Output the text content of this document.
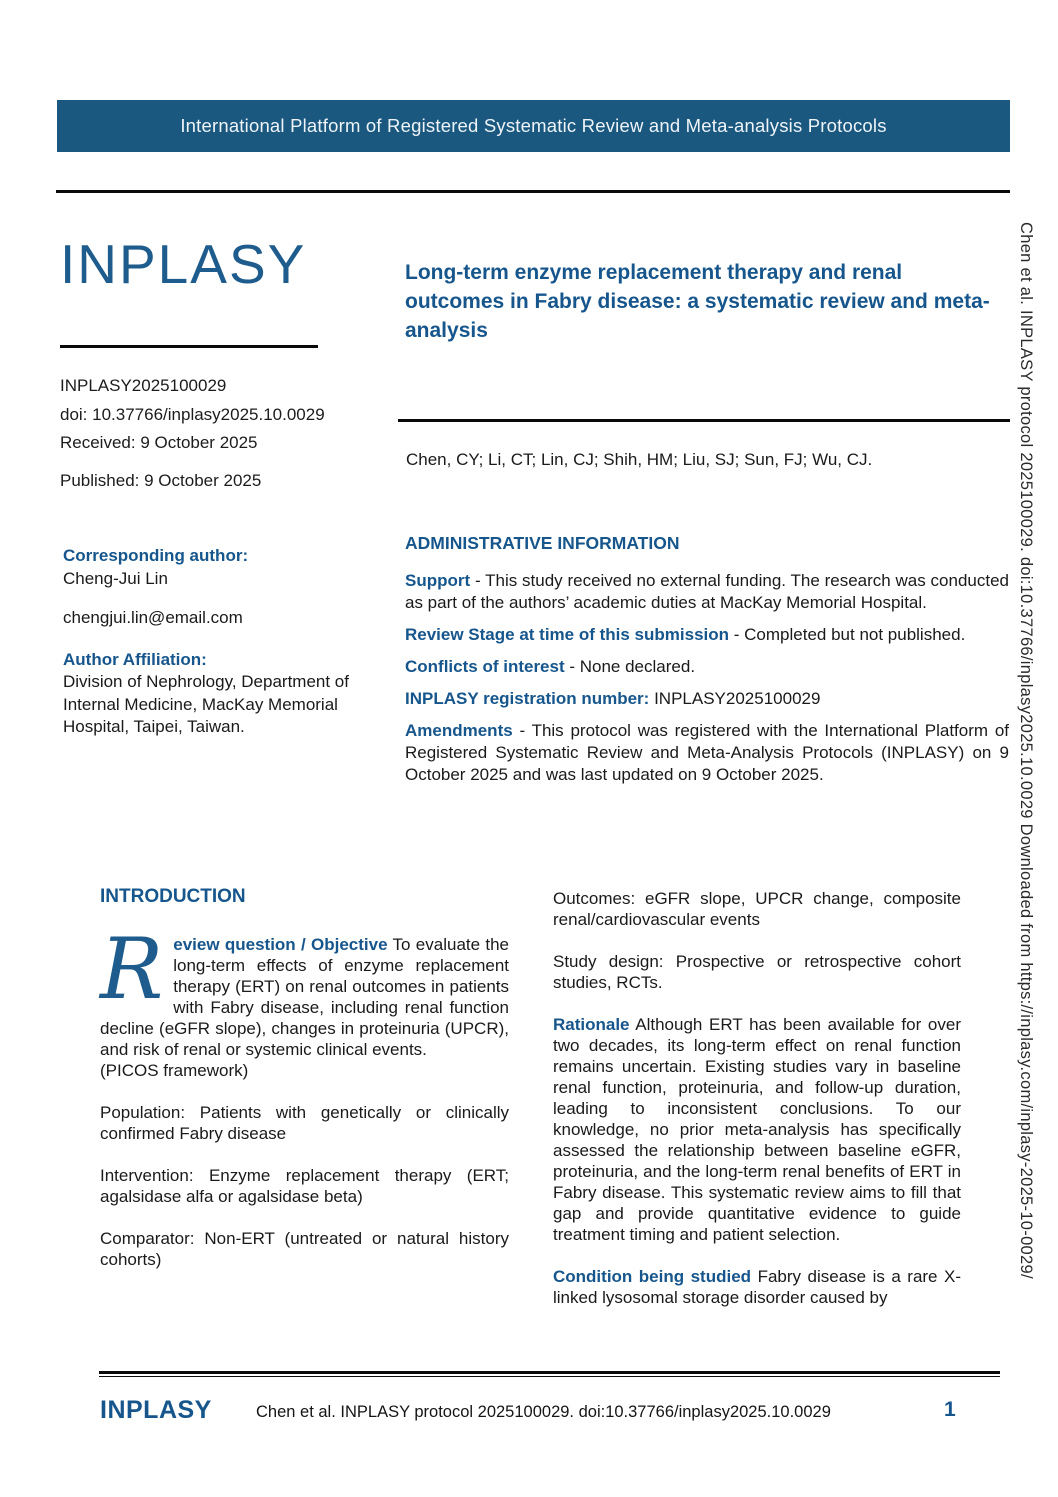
International Platform of Registered Systematic Review and Meta-analysis Protocols
INPLASY
INPLASY2025100029
doi: 10.37766/inplasy2025.10.0029
Received: 9 October 2025
Published: 9 October 2025
Corresponding author:
Cheng-Jui Lin
chengjui.lin@email.com
Author Affiliation:
Division of Nephrology, Department of Internal Medicine, MacKay Memorial Hospital, Taipei, Taiwan.
Long-term enzyme replacement therapy and renal outcomes in Fabry disease: a systematic review and meta-analysis
Chen, CY; Li, CT; Lin, CJ; Shih, HM; Liu, SJ; Sun, FJ; Wu, CJ.
ADMINISTRATIVE INFORMATION

Support - This study received no external funding. The research was conducted as part of the authors’ academic duties at MacKay Memorial Hospital.

Review Stage at time of this submission - Completed but not published.

Conflicts of interest - None declared.

INPLASY registration number: INPLASY2025100029

Amendments - This protocol was registered with the International Platform of Registered Systematic Review and Meta-Analysis Protocols (INPLASY) on 9 October 2025 and was last updated on 9 October 2025.

INTRODUCTION

Review question / Objective To evaluate the long-term effects of enzyme replacement therapy (ERT) on renal outcomes in patients with Fabry disease, including renal function decline (eGFR slope), changes in proteinuria (UPCR), and risk of renal or systemic clinical events.

(PICOS framework)

Population: Patients with genetically or clinically confirmed Fabry disease

Intervention: Enzyme replacement therapy (ERT; agalsidase alfa or agalsidase beta)

Comparator: Non-ERT (untreated or natural history cohorts)

Outcomes: eGFR slope, UPCR change, composite renal/cardiovascular events

Study design: Prospective or retrospective cohort studies, RCTs.

Rationale Although ERT has been available for over two decades, its long-term effect on renal function remains uncertain. Existing studies vary in baseline renal function, proteinuria, and follow-up duration, leading to inconsistent conclusions. To our knowledge, no prior meta-analysis has specifically assessed the relationship between baseline eGFR, proteinuria, and the long-term renal benefits of ERT in Fabry disease. This systematic review aims to fill that gap and provide quantitative evidence to guide treatment timing and patient selection.

Condition being studied Fabry disease is a rare X-linked lysosomal storage disorder caused by

Chen et al. INPLASY protocol 2025100029. doi:10.37766/inplasy2025.10.0029 Downloaded from https://inplasy.com/inplasy-2025-10-0029/
INPLASY	Chen et al. INPLASY protocol 2025100029. doi:10.37766/inplasy2025.10.0029	1
